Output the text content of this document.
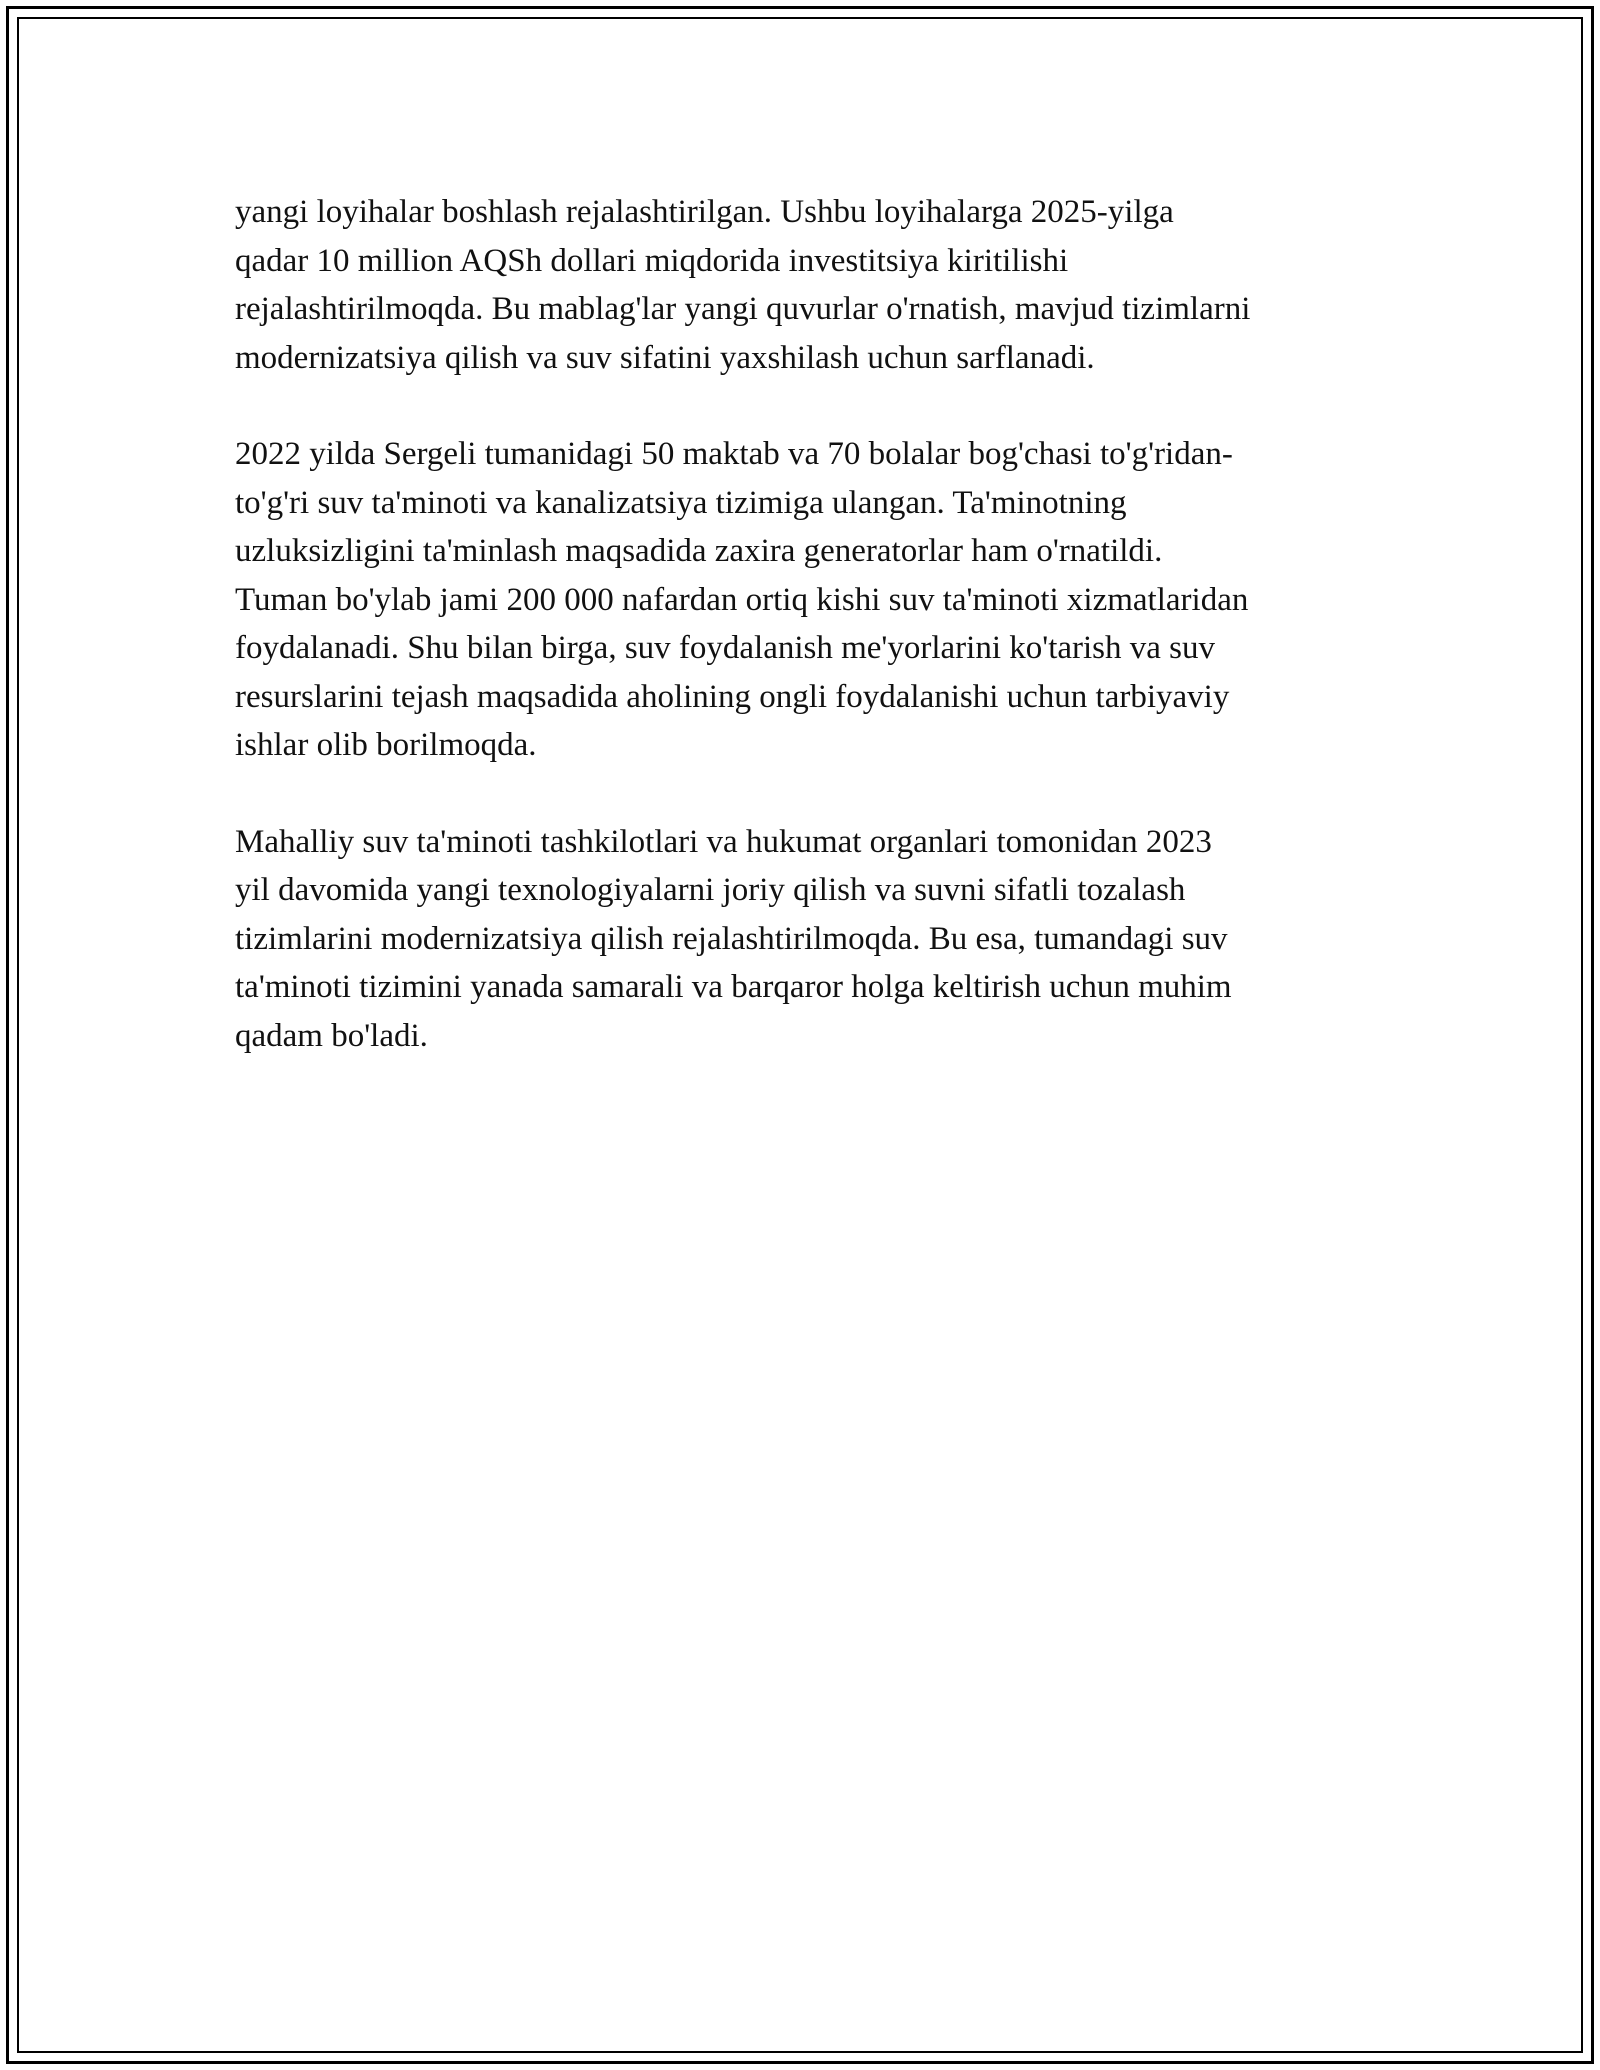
yangi loyihalar boshlash rejalashtirilgan. Ushbu loyihalarga 2025-yilga
qadar 10 million AQSh dollari miqdorida investitsiya kiritilishi
rejalashtirilmoqda. Bu mablag'lar yangi quvurlar o'rnatish, mavjud tizimlarni
modernizatsiya qilish va suv sifatini yaxshilash uchun sarflanadi.

2022 yilda Sergeli tumanidagi 50 maktab va 70 bolalar bog'chasi to'g'ridan-
to'g'ri suv ta'minoti va kanalizatsiya tizimiga ulangan. Ta'minotning
uzluksizligini ta'minlash maqsadida zaxira generatorlar ham o'rnatildi.
Tuman bo'ylab jami 200 000 nafardan ortiq kishi suv ta'minoti xizmatlaridan
foydalanadi. Shu bilan birga, suv foydalanish me'yorlarini ko'tarish va suv
resurslarini tejash maqsadida aholining ongli foydalanishi uchun tarbiyaviy
ishlar olib borilmoqda.

Mahalliy suv ta'minoti tashkilotlari va hukumat organlari tomonidan 2023
yil davomida yangi texnologiyalarni joriy qilish va suvni sifatli tozalash
tizimlarini modernizatsiya qilish rejalashtirilmoqda. Bu esa, tumandagi suv
ta'minoti tizimini yanada samarali va barqaror holga keltirish uchun muhim
qadam bo'ladi.
